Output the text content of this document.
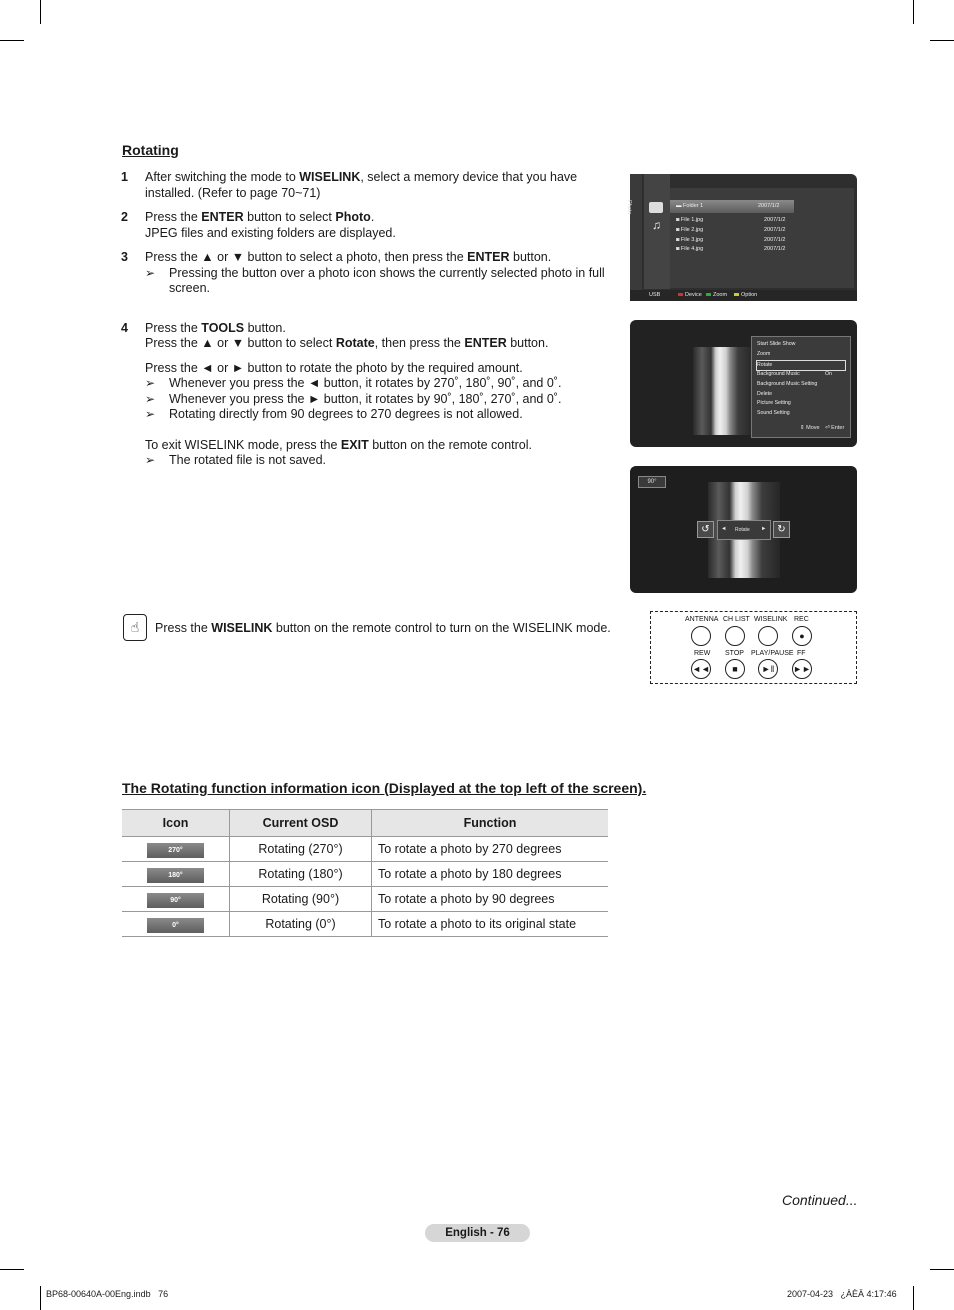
Rotating
1 After switching the mode to WISELINK, select a memory device that you have installed. (Refer to page 70~71)

2 Press the ENTER button to select Photo.

JPEG files and existing folders are displayed.

3 Press the ▲ or ▼ button to select a photo, then press the ENTER button.

➢ Pressing the button over a photo icon shows the currently selected photo in full screen.
4 Press the TOOLS button.

Press the ▲ or ▼ button to select Rotate, then press the ENTER button.

Press the ◄ or ► button to rotate the photo by the required amount.

➢ Whenever you press the ◄ button, it rotates by 270˚, 180˚, 90˚, and 0˚.
➢ Whenever you press the ► button, it rotates by 90˚, 180˚, 270˚, and 0˚.
➢ Rotating directly from 90 degrees to 270 degrees is not allowed.

To exit WISELINK mode, press the EXIT button on the remote control.

➢ The rotated file is not saved.
Photo
♫
▬ Folder 1	2007/1/2
◙ File 1.jpg	2007/1/2
◙ File 2.jpg	2007/1/2
◙ File 3.jpg	2007/1/2
◙ File 4.jpg	2007/1/2
USB	Device	Zoom	Option
Start Slide Show
Zoom
Rotate
Background Music	On
Background Music Setting
Delete
Picture Setting
Sound Setting
⇕ Move ⏎ Enter
90°
↺	◄ Rotate ►	↻
☝	Press the WISELINK button on the remote control to turn on the WISELINK mode.
ANTENNA CH LIST WISELINK REC
●
REW STOP PLAY/PAUSE FF
◄◄	■	►‖	►►
The Rotating function information icon (Displayed at the top left of the screen).
Icon	Current OSD	Function
270°	Rotating (270°)	To rotate a photo by 270 degrees
180°	Rotating (180°)	To rotate a photo by 180 degrees
90°	Rotating (90°)	To rotate a photo by 90 degrees
0°	Rotating (0°)	To rotate a photo to its original state
Continued...
English - 76
BP68-00640A-00Eng.indb   76	2007-04-23   ¿ÀÈÄ 4:17:46
